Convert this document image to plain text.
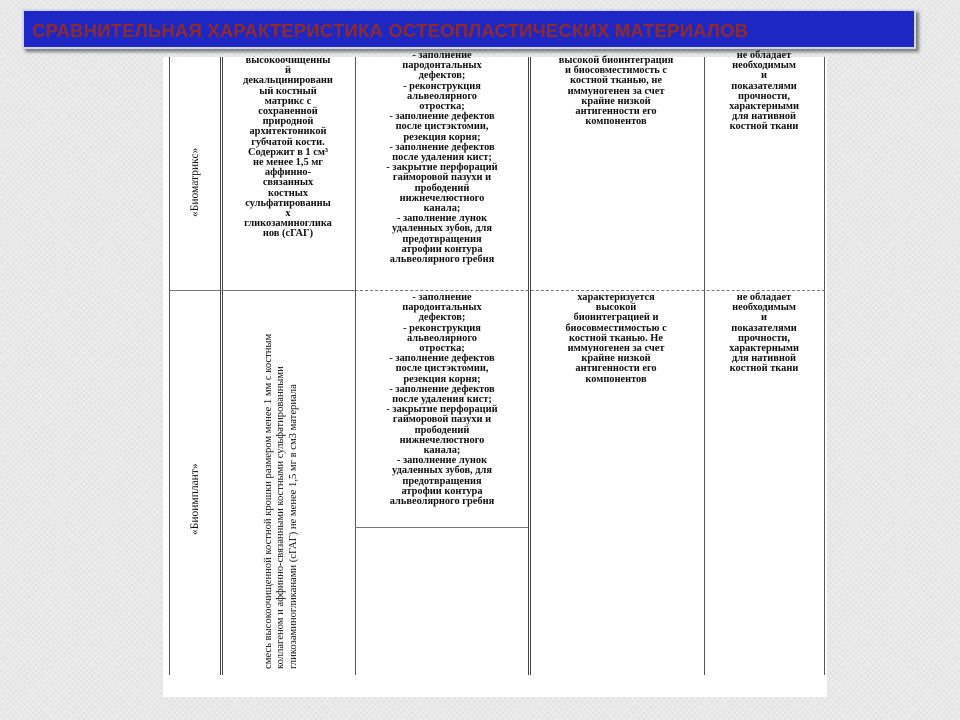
СРАВНИТЕЛЬНАЯ ХАРАКТЕРИСТИКА ОСТЕОПЛАСТИЧЕСКИХ МАТЕРИАЛОВ
«Биоматрикс»
высокоочищенны
й
декальцинировани
ый костный
матрикс с
сохраненной
природной
архитектоникой
губчатой кости.
Содержит в 1 см³
не менее 1,5 мг
аффинно-
связанных
костных
сульфатированны
х
гликозаминоглика
нов (сГАГ)
- заполнение
пародонтальных
дефектов;
- реконструкция
альвеолярного
отростка;
- заполнение дефектов
после цистэктомии,
резекция корня;
- заполнение дефектов
после удаления кист;
- закрытие перфораций
гайморовой пазухи и
прободений
нижнечелюстного
канала;
- заполнение лунок
удаленных зубов, для
предотвращения
атрофии контура
альвеолярного гребня
высокой биоинтеграция
и биосовместимость с
костной тканью, не
иммуногенен за счет
крайне низкой
антигенности его
компонентов
не обладает
необходимым
и
показателями
прочности,
характерными
для нативной
костной ткани
«Биоимплант»	смесь высокоочищенной костной крошки размером менее 1 мм с костным коллагеном и аффинно-связанными костными сульфатированными гликозаминогликанами (сГАГ) не менее 1,5 мг в см3 материала
- заполнение
пародонтальных
дефектов;
- реконструкция
альвеолярного
отростка;
- заполнение дефектов
после цистэктомии,
резекция корня;
- заполнение дефектов
после удаления кист;
- закрытие перфораций
гайморовой пазухи и
прободений
нижнечелюстного
канала;
- заполнение лунок
удаленных зубов, для
предотвращения
атрофии контура
альвеолярного гребня
характеризуется
высокой
биоинтеграцией и
биосовместимостью с
костной тканью. Не
иммуногенен за счет
крайне низкой
антигенности его
компонентов
не обладает
необходимым
и
показателями
прочности,
характерными
для нативной
костной ткани
